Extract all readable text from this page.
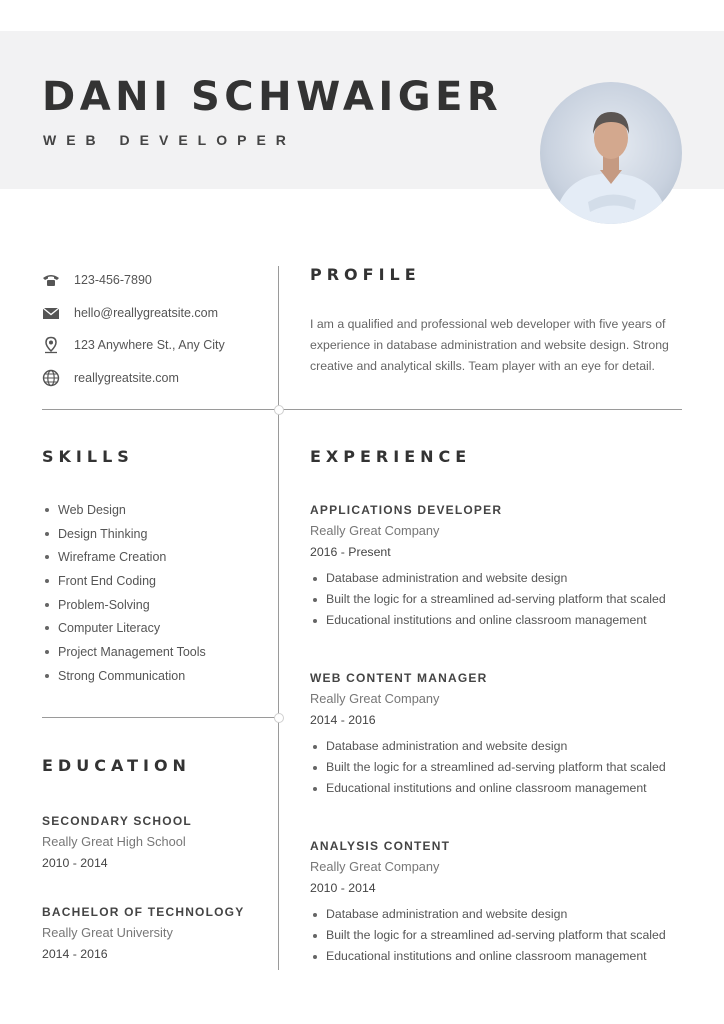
DANI SCHWAIGER
WEB DEVELOPER
123-456-7890
hello@reallygreatsite.com
123 Anywhere St., Any City
reallygreatsite.com
PROFILE

I am a qualified and professional web developer with five years of experience in database administration and website design. Strong creative and analytical skills. Team player with an eye for detail.

SKILLS
Web Design
Design Thinking
Wireframe Creation
Front End Coding
Problem-Solving
Computer Literacy
Project Management Tools
Strong Communication
EDUCATION
SECONDARY SCHOOL
Really Great High School
2010 - 2014
BACHELOR OF TECHNOLOGY
Really Great University
2014 - 2016
EXPERIENCE
APPLICATIONS DEVELOPER
Really Great Company
2016 - Present
Database administration and website design
Built the logic for a streamlined ad-serving platform that scaled
Educational institutions and online classroom management
WEB CONTENT MANAGER
Really Great Company
2014 - 2016
Database administration and website design
Built the logic for a streamlined ad-serving platform that scaled
Educational institutions and online classroom management
ANALYSIS CONTENT
Really Great Company
2010 - 2014
Database administration and website design
Built the logic for a streamlined ad-serving platform that scaled
Educational institutions and online classroom management
